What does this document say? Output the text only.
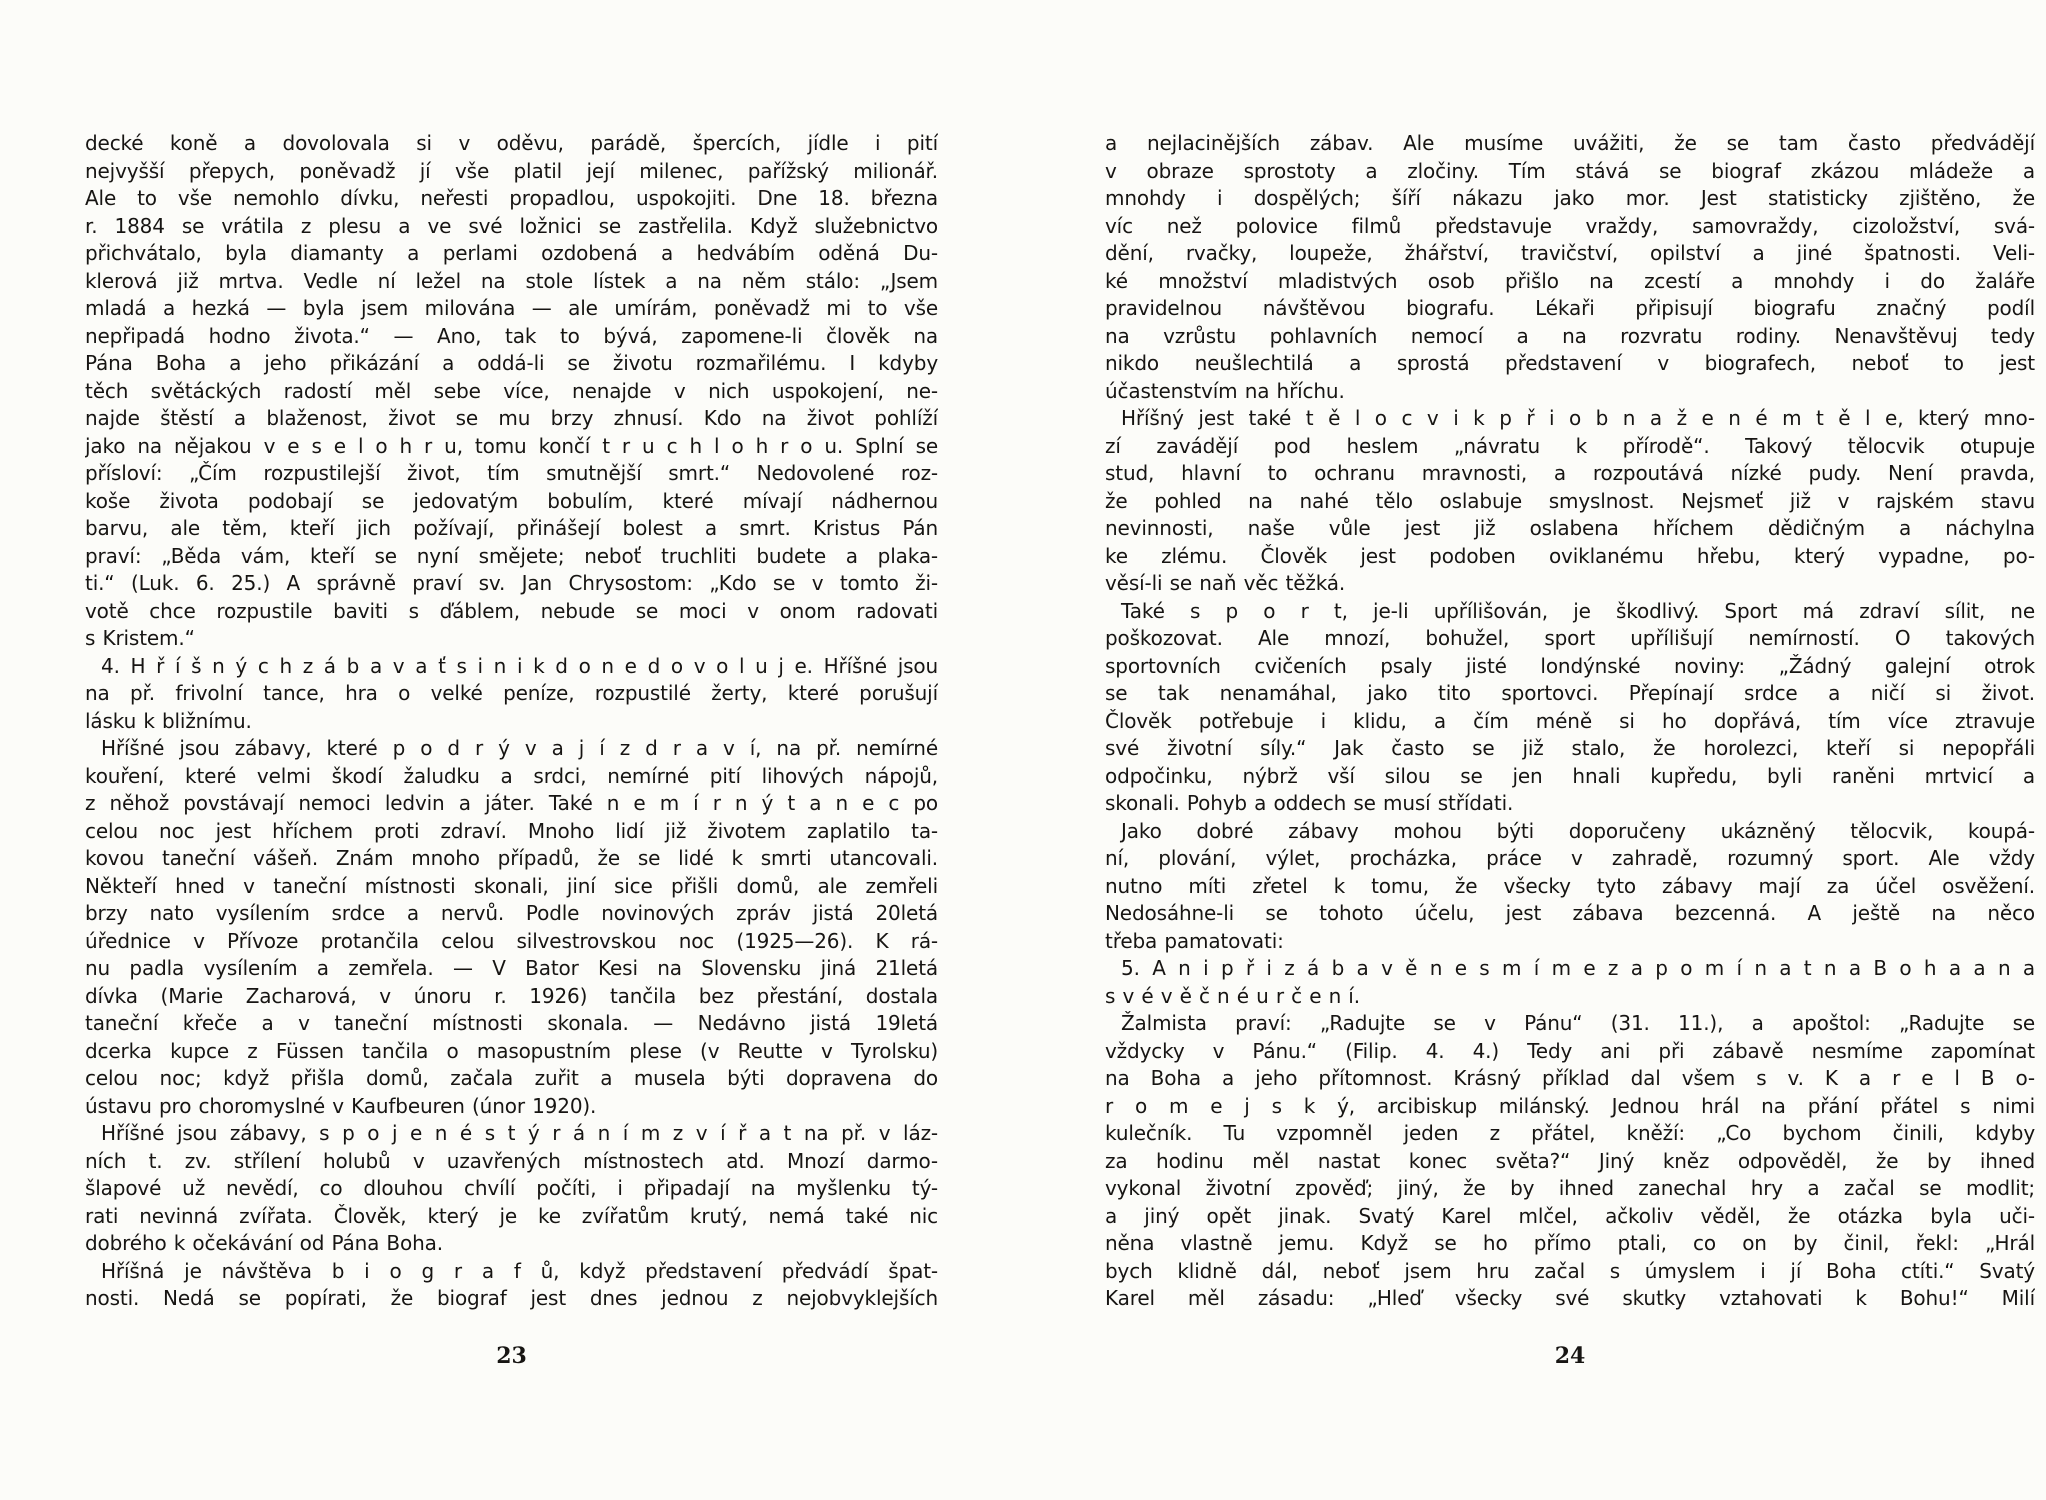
decké koně a dovolovala si v oděvu, parádě, špercích, jídle i pití
nejvyšší přepych, poněvadž jí vše platil její milenec, pařížský milionář.
Ale to vše nemohlo dívku, neřesti propadlou, uspokojiti. Dne 18. března
r. 1884 se vrátila z plesu a ve své ložnici se zastřelila. Když služebnictvo
přichvátalo, byla diamanty a perlami ozdobená a hedvábím oděná Du-
klerová již mrtva. Vedle ní ležel na stole lístek a na něm stálo: „Jsem
mladá a hezká — byla jsem milována — ale umírám, poněvadž mi to vše
nepřipadá hodno života.“ — Ano, tak to bývá, zapomene-li člověk na
Pána Boha a jeho přikázání a oddá-li se životu rozmařilému. I kdyby
těch světáckých radostí měl sebe více, nenajde v nich uspokojení, ne-
najde štěstí a blaženost, život se mu brzy zhnusí. Kdo na život pohlíží
jako na nějakou v e s e l o h r u, tomu končí t r u c h l o h r o u. Splní se
přísloví: „Čím rozpustilejší život, tím smutnější smrt.“ Nedovolené roz-
koše života podobají se jedovatým bobulím, které mívají nádhernou
barvu, ale těm, kteří jich požívají, přinášejí bolest a smrt. Kristus Pán
praví: „Běda vám, kteří se nyní smějete; neboť truchliti budete a plaka-
ti.“ (Luk. 6. 25.) A správně praví sv. Jan Chrysostom: „Kdo se v tomto ži-
votě chce rozpustile baviti s ďáblem, nebude se moci v onom radovati
s Kristem.“
4. H ř í š n ý c h z á b a v a ť s i n i k d o n e d o v o l u j e. Hříšné jsou
na př. frivolní tance, hra o velké peníze, rozpustilé žerty, které porušují
lásku k bližnímu.
Hříšné jsou zábavy, které p o d r ý v a j í z d r a v í, na př. nemírné
kouření, které velmi škodí žaludku a srdci, nemírné pití lihových nápojů,
z něhož povstávají nemoci ledvin a játer. Také n e m í r n ý t a n e c po
celou noc jest hříchem proti zdraví. Mnoho lidí již životem zaplatilo ta-
kovou taneční vášeň. Znám mnoho případů, že se lidé k smrti utancovali.
Někteří hned v taneční místnosti skonali, jiní sice přišli domů, ale zemřeli
brzy nato vysílením srdce a nervů. Podle novinových zpráv jistá 20letá
úřednice v Přívoze protančila celou silvestrovskou noc (1925—26). K rá-
nu padla vysílením a zemřela. — V Bator Kesi na Slovensku jiná 21letá
dívka (Marie Zacharová, v únoru r. 1926) tančila bez přestání, dostala
taneční křeče a v taneční místnosti skonala. — Nedávno jistá 19letá
dcerka kupce z Füssen tančila o masopustním plese (v Reutte v Tyrolsku)
celou noc; když přišla domů, začala zuřit a musela býti dopravena do
ústavu pro choromyslné v Kaufbeuren (únor 1920).
Hříšné jsou zábavy, s p o j e n é s t ý r á n í m z v í ř a t na př. v láz-
ních t. zv. střílení holubů v uzavřených místnostech atd. Mnozí darmo-
šlapové už nevědí, co dlouhou chvílí počíti, i připadají na myšlenku tý-
rati nevinná zvířata. Člověk, který je ke zvířatům krutý, nemá také nic
dobrého k očekávání od Pána Boha.
Hříšná je návštěva b i o g r a f ů, když představení předvádí špat-
nosti. Nedá se popírati, že biograf jest dnes jednou z nejobvyklejších
a nejlacinějších zábav. Ale musíme uvážiti, že se tam často předvádějí
v obraze sprostoty a zločiny. Tím stává se biograf zkázou mládeže a
mnohdy i dospělých; šíří nákazu jako mor. Jest statisticky zjištěno, že
víc než polovice filmů představuje vraždy, samovraždy, cizoložství, svá-
dění, rvačky, loupeže, žhářství, travičství, opilství a jiné špatnosti. Veli-
ké množství mladistvých osob přišlo na zcestí a mnohdy i do žaláře
pravidelnou návštěvou biografu. Lékaři připisují biografu značný podíl
na vzrůstu pohlavních nemocí a na rozvratu rodiny. Nenavštěvuj tedy
nikdo neušlechtilá a sprostá představení v biografech, neboť to jest
účastenstvím na hříchu.
Hříšný jest také t ě l o c v i k p ř i o b n a ž e n é m t ě l e, který mno-
zí zavádějí pod heslem „návratu k přírodě“. Takový tělocvik otupuje
stud, hlavní to ochranu mravnosti, a rozpoutává nízké pudy. Není pravda,
že pohled na nahé tělo oslabuje smyslnost. Nejsmeť již v rajském stavu
nevinnosti, naše vůle jest již oslabena hříchem dědičným a náchylna
ke zlému. Člověk jest podoben oviklanému hřebu, který vypadne, po-
věsí-li se naň věc těžká.
Také s p o r t, je-li upřílišován, je škodlivý. Sport má zdraví sílit, ne
poškozovat. Ale mnozí, bohužel, sport upřílišují nemírností. O takových
sportovních cvičeních psaly jisté londýnské noviny: „Žádný galejní otrok
se tak nenamáhal, jako tito sportovci. Přepínají srdce a ničí si život.
Člověk potřebuje i klidu, a čím méně si ho dopřává, tím více ztravuje
své životní síly.“ Jak často se již stalo, že horolezci, kteří si nepopřáli
odpočinku, nýbrž vší silou se jen hnali kupředu, byli raněni mrtvicí a
skonali. Pohyb a oddech se musí střídati.
Jako dobré zábavy mohou býti doporučeny ukázněný tělocvik, koupá-
ní, plování, výlet, procházka, práce v zahradě, rozumný sport. Ale vždy
nutno míti zřetel k tomu, že všecky tyto zábavy mají za účel osvěžení.
Nedosáhne-li se tohoto účelu, jest zábava bezcenná. A ještě na něco
třeba pamatovati:
5. A n i p ř i z á b a v ě n e s m í m e z a p o m í n a t n a B o h a a n a
s v é v ě č n é u r č e n í.
Žalmista praví: „Radujte se v Pánu“ (31. 11.), a apoštol: „Radujte se
vždycky v Pánu.“ (Filip. 4. 4.) Tedy ani při zábavě nesmíme zapomínat
na Boha a jeho přítomnost. Krásný příklad dal všem s v. K a r e l B o-
r o m e j s k ý, arcibiskup milánský. Jednou hrál na přání přátel s nimi
kulečník. Tu vzpomněl jeden z přátel, kněží: „Co bychom činili, kdyby
za hodinu měl nastat konec světa?“ Jiný kněz odpověděl, že by ihned
vykonal životní zpověď; jiný, že by ihned zanechal hry a začal se modlit;
a jiný opět jinak. Svatý Karel mlčel, ačkoliv věděl, že otázka byla uči-
něna vlastně jemu. Když se ho přímo ptali, co on by činil, řekl: „Hrál
bych klidně dál, neboť jsem hru začal s úmyslem i jí Boha ctíti.“ Svatý
Karel měl zásadu: „Hleď všecky své skutky vztahovati k Bohu!“ Milí
23	24
